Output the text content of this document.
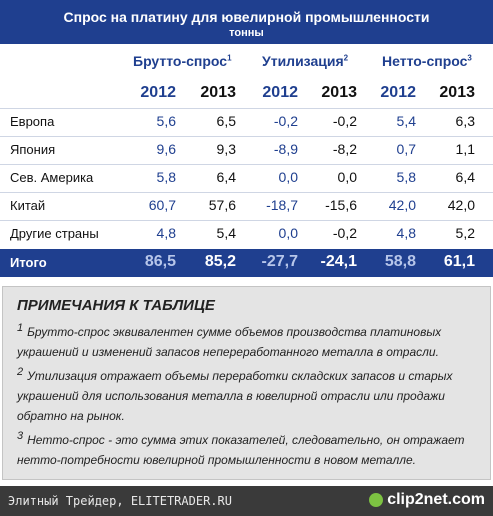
Спрос на платину для ювелирной промышленности
тонны
Брутто-спрос$^1$ Утилизация$^2$ Нетто-спрос$^3$
2012	2013	2012	2013	2012	2013
Европа	5,6	6,5	-0,2	-0,2	5,4	6,3
Япония	9,6	9,3	-8,9	-8,2	0,7	1,1
Сев. Америка	5,8	6,4	0,0	0,0	5,8	6,4
Китай	60,7	57,6	-18,7	-15,6	42,0	42,0
Другие страны	4,8	5,4	0,0	-0,2	4,8	5,2
Итого	86,5	85,2	-27,7	-24,1	58,8	61,1
ПРИМЕЧАНИЯ К ТАБЛИЦЕ
$^1$ Брутто-спрос эквивалентен сумме объемов производства платиновых украшений и изменений запасов непереработанного металла в отрасли.
$^2$ Утилизация отражает объемы переработки складских запасов и старых украшений для использования металла в ювелирной отрасли или продажи обратно на рынок.
$^3$ Нетто-спрос - это сумма этих показателей, следовательно, он отражает нетто-потребности ювелирной промышленности в новом металле.
Элитный Трейдер, ELITETRADER.RU	clip2net.com
